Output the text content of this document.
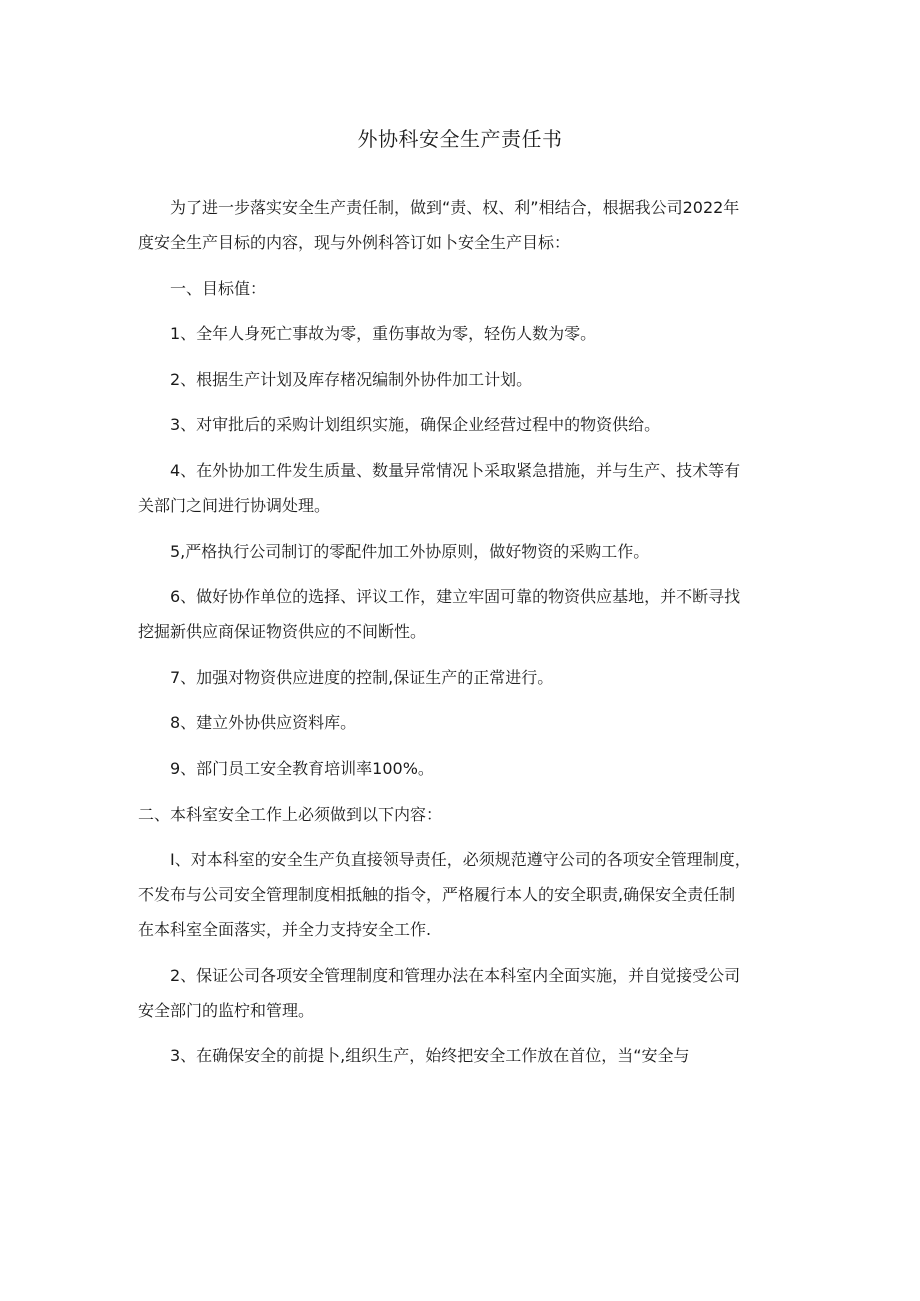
外协科安全生产责任书

为了进一步落实安全生产责任制，做到“责、权、利”相结合，根据我公司2022年
度安全生产目标的内容，现与外例科答订如卜安全生产目标：

一、目标值：

1、全年人身死亡事故为零，重伤事故为零，轻伤人数为零。

2、根据生产计划及库存楮况编制外协件加工计划。

3、对审批后的采购计划组织实施，确保企业经营过程中的物资供给。

4、在外协加工件发生质量、数量异常情况卜采取紧急措施，并与生产、技术等有
关部门之间进行协调处理。

5,严格执行公司制订的零配件加工外协原则，做好物资的采购工作。

6、做好协作单位的选择、评议工作，建立牢固可靠的物资供应基地，并不断寻找
挖掘新供应商保证物资供应的不间断性。

7、加强对物资供应进度的控制,保证生产的正常进行。

8、建立外协供应资料库。

9、部门员工安全教育培训率100%。

二、本科室安全工作上必须做到以下内容：

I、对本科室的安全生产负直接领导责任，必须规范遵守公司的各项安全管理制度，
不发布与公司安全管理制度相抵触的指令，严格履行本人的安全职责,确保安全责任制
在本科室全面落实，并全力支持安全工作.

2、保证公司各项安全管理制度和管理办法在本科室内全面实施，并自觉接受公司
安全部门的监柠和管理。

3、在确保安全的前提卜,组织生产，始终把安全工作放在首位，当“安全与
